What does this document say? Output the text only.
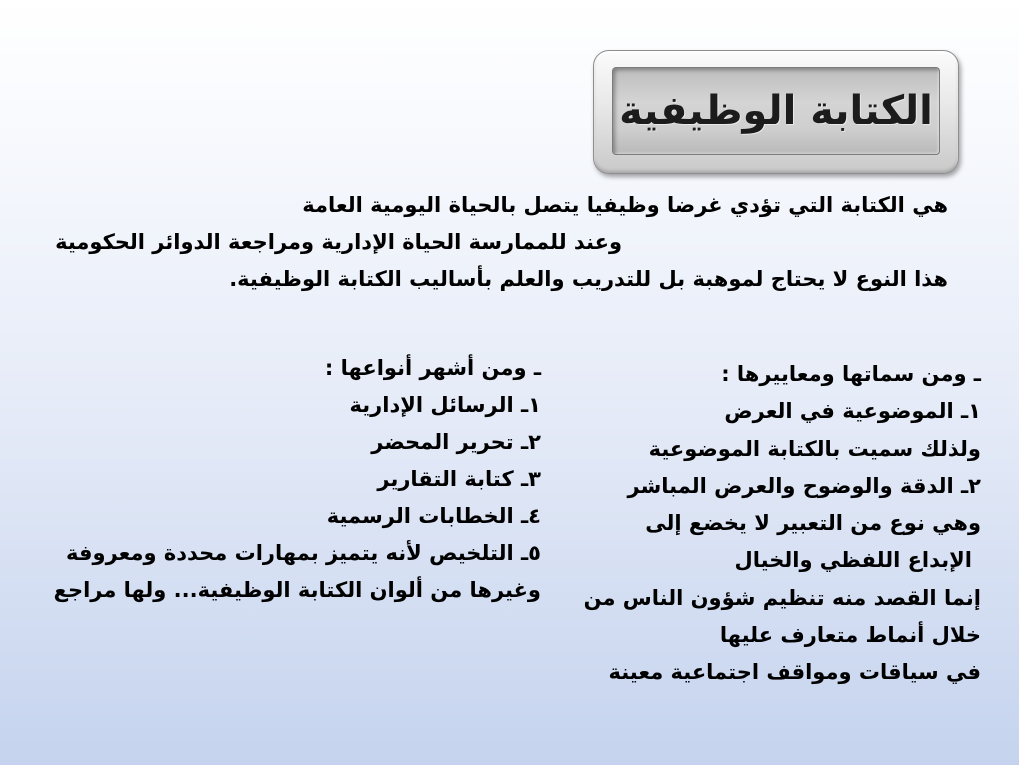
الكتابة الوظيفية
هي الكتابة التي تؤدي غرضا وظيفيا يتصل بالحياة اليومية العامة
وعند للممارسة الحياة الإدارية ومراجعة الدوائر الحكومية
هذا النوع لا يحتاج لموهبة بل للتدريب والعلم بأساليب الكتابة الوظيفية.
ـ ومن سماتها ومعاييرها :
١ـ الموضوعية في العرض
ولذلك سميت بالكتابة الموضوعية
٢ـ الدقة والوضوح والعرض المباشر
وهي نوع من التعبير لا يخضع إلى
الإبداع اللفظي والخيال
إنما القصد منه تنظيم شؤون الناس من
خلال أنماط متعارف عليها
في سياقات ومواقف اجتماعية معينة
ـ ومن أشهر أنواعها :
١ـ الرسائل الإدارية
٢ـ تحرير المحضر
٣ـ كتابة التقارير
٤ـ الخطابات الرسمية
٥ـ التلخيص لأنه يتميز بمهارات محددة ومعروفة
وغيرها من ألوان الكتابة الوظيفية... ولها مراجع
